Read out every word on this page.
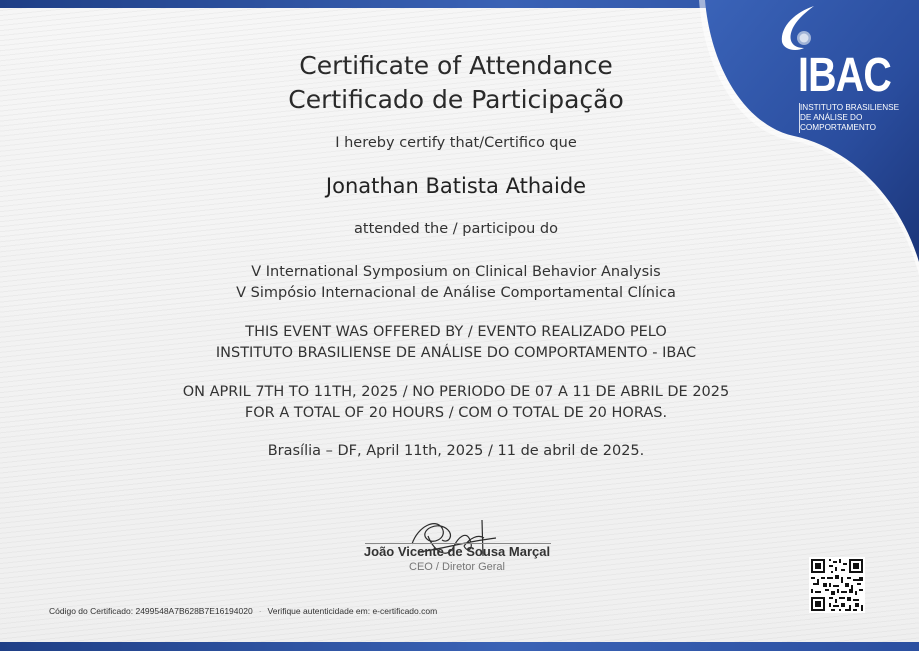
IBAC
INSTITUTO BRASILIENSE
DE ANÁLISE DO
COMPORTAMENTO
Certificate of Attendance
Certificado de Participação
I hereby certify that/Certifico que
Jonathan Batista Athaide
attended the / participou do
V International Symposium on Clinical Behavior Analysis
V Simpósio Internacional de Análise Comportamental Clínica
THIS EVENT WAS OFFERED BY / EVENTO REALIZADO PELO
INSTITUTO BRASILIENSE DE ANÁLISE DO COMPORTAMENTO - IBAC
ON APRIL 7TH TO 11TH, 2025 / NO PERIODO DE 07 A 11 DE ABRIL DE 2025
FOR A TOTAL OF 20 HOURS / COM O TOTAL DE 20 HORAS.
Brasília – DF, April 11th, 2025 / 11 de abril de 2025.
João Vicente de Sousa Marçal
CEO / Diretor Geral
Código do Certificado: 2499548A7B628B7E16194020 · Verifique autenticidade em: e-certificado.com
